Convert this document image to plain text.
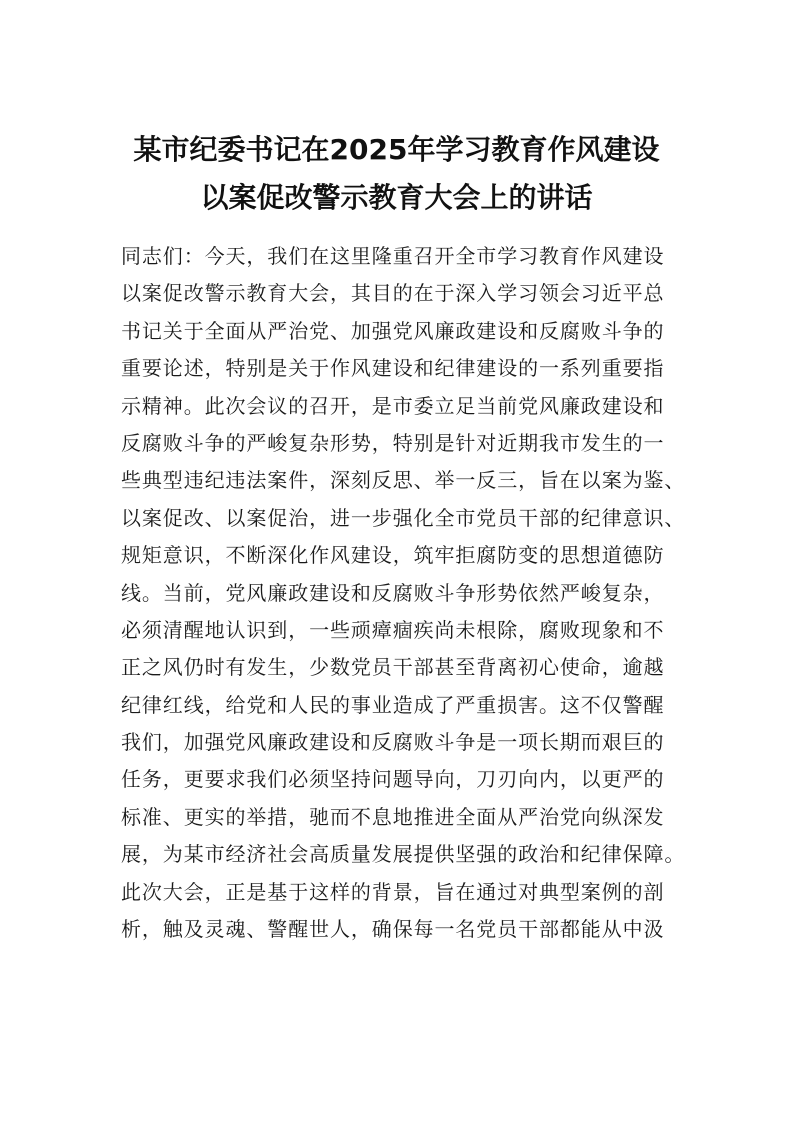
某市纪委书记在2025年学习教育作风建设
以案促改警示教育大会上的讲话
同志们：今天，我们在这里隆重召开全市学习教育作风建设
以案促改警示教育大会，其目的在于深入学习领会习近平总
书记关于全面从严治党、加强党风廉政建设和反腐败斗争的
重要论述，特别是关于作风建设和纪律建设的一系列重要指
示精神。此次会议的召开，是市委立足当前党风廉政建设和
反腐败斗争的严峻复杂形势，特别是针对近期我市发生的一
些典型违纪违法案件，深刻反思、举一反三，旨在以案为鉴、
以案促改、以案促治，进一步强化全市党员干部的纪律意识、
规矩意识，不断深化作风建设，筑牢拒腐防变的思想道德防
线。当前，党风廉政建设和反腐败斗争形势依然严峻复杂，
必须清醒地认识到，一些顽瘴痼疾尚未根除，腐败现象和不
正之风仍时有发生，少数党员干部甚至背离初心使命，逾越
纪律红线，给党和人民的事业造成了严重损害。这不仅警醒
我们，加强党风廉政建设和反腐败斗争是一项长期而艰巨的
任务，更要求我们必须坚持问题导向，刀刃向内，以更严的
标准、更实的举措，驰而不息地推进全面从严治党向纵深发
展，为某市经济社会高质量发展提供坚强的政治和纪律保障。
此次大会，正是基于这样的背景，旨在通过对典型案例的剖
析，触及灵魂、警醒世人，确保每一名党员干部都能从中汲
